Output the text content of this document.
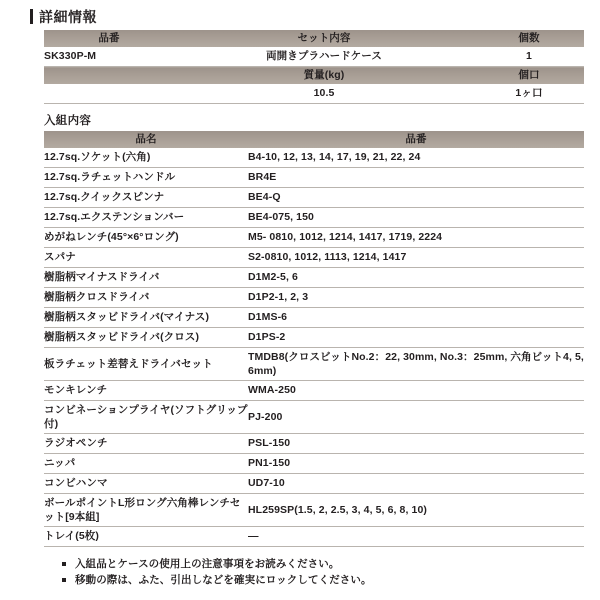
詳細情報
品番	セット内容	個数
SK330P-M	両開きプラハードケース	1
	質量(kg)	個口
	10.5	1ヶ口
入組内容
品名	品番
12.7sq.ソケット(六角)	B4-10, 12, 13, 14, 17, 19, 21, 22, 24
12.7sq.ラチェットハンドル	BR4E
12.7sq.クイックスピンナ	BE4-Q
12.7sq.エクステンションバー	BE4-075, 150
めがねレンチ(45°×6°ロング)	M5- 0810, 1012, 1214, 1417, 1719, 2224
スパナ	S2-0810, 1012, 1113, 1214, 1417
樹脂柄マイナスドライバ	D1M2-5, 6
樹脂柄クロスドライバ	D1P2-1, 2, 3
樹脂柄スタッビドライバ(マイナス)	D1MS-6
樹脂柄スタッビドライバ(クロス)	D1PS-2
板ラチェット差替えドライバセット	TMDB8(クロスビットNo.2：22, 30mm, No.3：25mm, 六角ビット4, 5, 6mm)
モンキレンチ	WMA-250
コンビネーションプライヤ(ソフトグリップ付)	PJ-200
ラジオペンチ	PSL-150
ニッパ	PN1-150
コンビハンマ	UD7-10
ボールポイントL形ロング六角棒レンチセット[9本組]	HL259SP(1.5, 2, 2.5, 3, 4, 5, 6, 8, 10)
トレイ(5枚)	—
入組品とケースの使用上の注意事項をお読みください。
移動の際は、ふた、引出しなどを確実にロックしてください。
